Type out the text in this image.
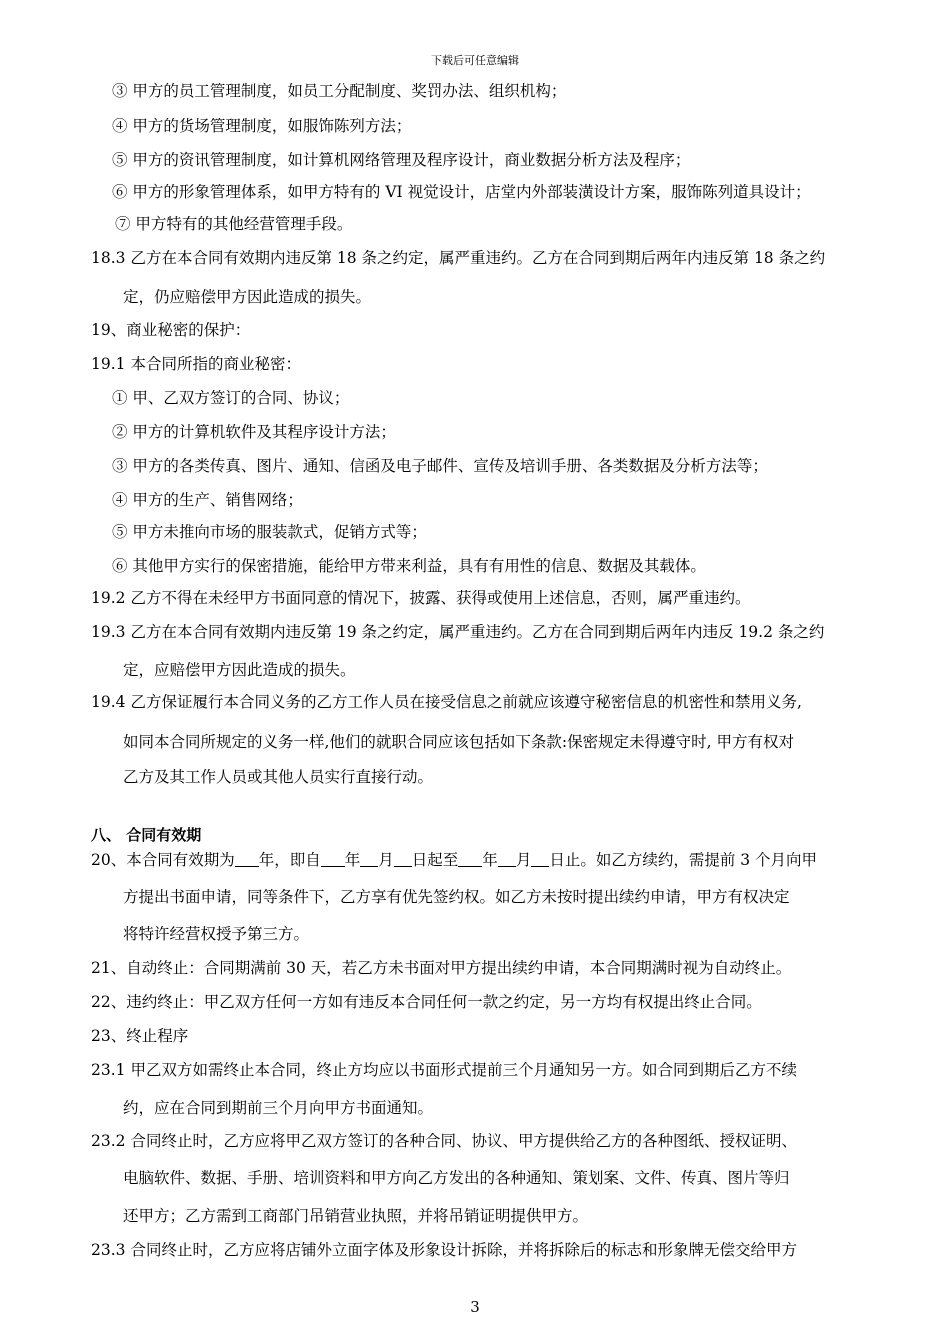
下载后可任意编辑
③ 甲方的员工管理制度，如员工分配制度、奖罚办法、组织机构；
④ 甲方的货场管理制度，如服饰陈列方法；
⑤ 甲方的资讯管理制度，如计算机网络管理及程序设计，商业数据分析方法及程序；
⑥ 甲方的形象管理体系，如甲方特有的 VI 视觉设计，店堂内外部装潢设计方案，服饰陈列道具设计；
⑦ 甲方特有的其他经营管理手段。
18.3 乙方在本合同有效期内违反第 18 条之约定，属严重违约。乙方在合同到期后两年内违反第 18 条之约
定，仍应赔偿甲方因此造成的损失。
19、商业秘密的保护：
19.1 本合同所指的商业秘密：
① 甲、乙双方签订的合同、协议；
② 甲方的计算机软件及其程序设计方法；
③ 甲方的各类传真、图片、通知、信函及电子邮件、宣传及培训手册、各类数据及分析方法等；
④ 甲方的生产、销售网络；
⑤ 甲方未推向市场的服装款式，促销方式等；
⑥ 其他甲方实行的保密措施，能给甲方带来利益，具有有用性的信息、数据及其载体。
19.2 乙方不得在未经甲方书面同意的情况下，披露、获得或使用上述信息，否则，属严重违约。
19.3 乙方在本合同有效期内违反第 19 条之约定，属严重违约。乙方在合同到期后两年内违反 19.2 条之约
定，应赔偿甲方因此造成的损失。
19.4 乙方保证履行本合同义务的乙方工作人员在接受信息之前就应该遵守秘密信息的机密性和禁用义务,
如同本合同所规定的义务一样,他们的就职合同应该包括如下条款:保密规定未得遵守时, 甲方有权对
乙方及其工作人员或其他人员实行直接行动。
八、 合同有效期
20、本合同有效期为 年，即自 年 月 日起至 年 月 日止。如乙方续约，需提前 3 个月向甲
方提出书面申请，同等条件下，乙方享有优先签约权。如乙方未按时提出续约申请，甲方有权决定
将特许经营权授予第三方。
21、自动终止：合同期满前 30 天，若乙方未书面对甲方提出续约申请，本合同期满时视为自动终止。
22、违约终止：甲乙双方任何一方如有违反本合同任何一款之约定，另一方均有权提出终止合同。
23、终止程序
23.1 甲乙双方如需终止本合同，终止方均应以书面形式提前三个月通知另一方。如合同到期后乙方不续
约，应在合同到期前三个月向甲方书面通知。
23.2 合同终止时，乙方应将甲乙双方签订的各种合同、协议、甲方提供给乙方的各种图纸、授权证明、
电脑软件、数据、手册、培训资料和甲方向乙方发出的各种通知、策划案、文件、传真、图片等归
还甲方；乙方需到工商部门吊销营业执照，并将吊销证明提供甲方。
23.3 合同终止时，乙方应将店铺外立面字体及形象设计拆除，并将拆除后的标志和形象牌无偿交给甲方
3
